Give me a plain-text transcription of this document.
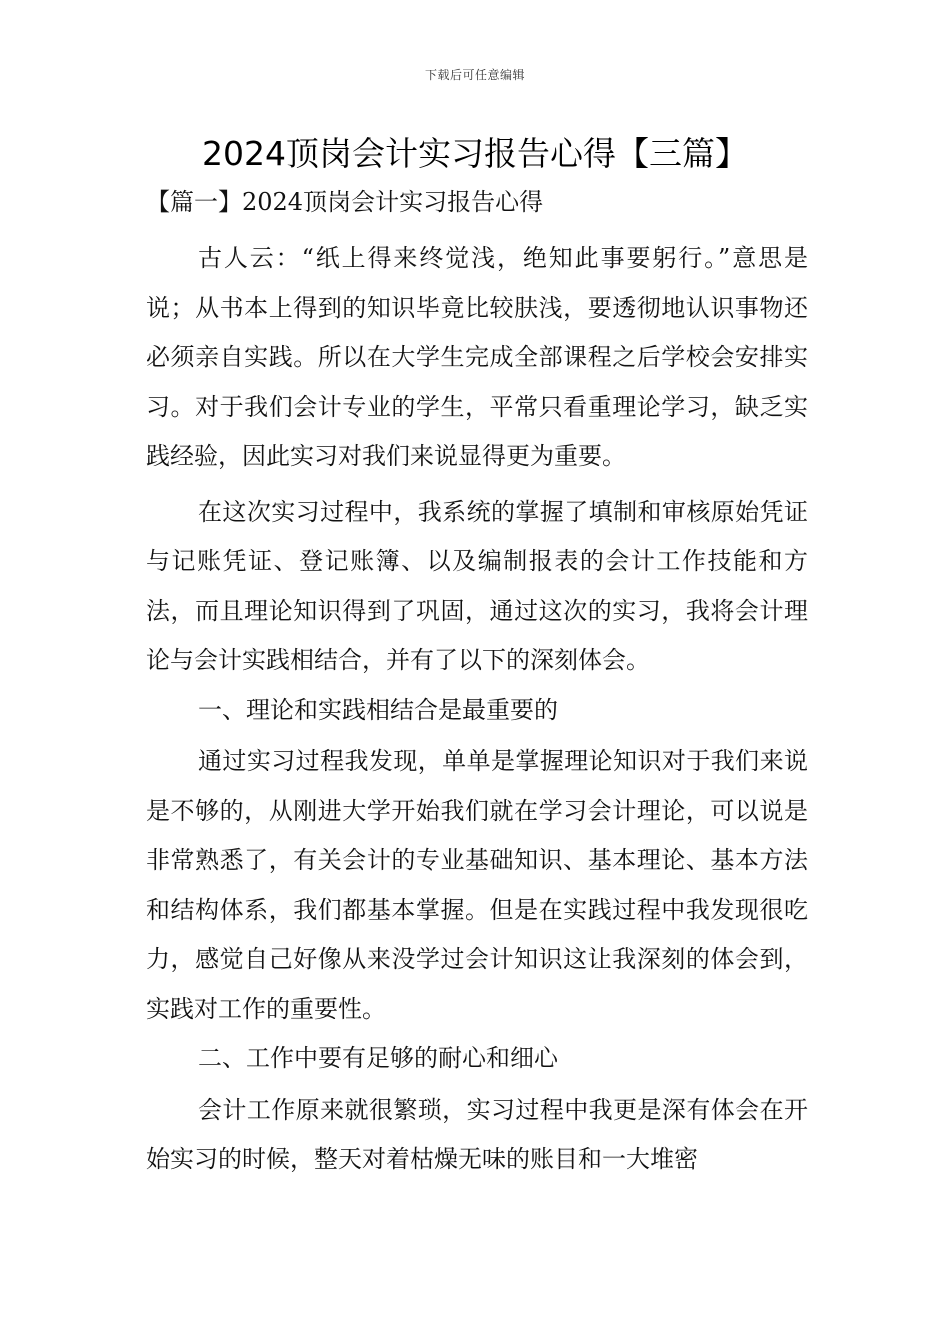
下载后可任意编辑
2024顶岗会计实习报告心得【三篇】
【篇一】2024顶岗会计实习报告心得

古人云：“纸上得来终觉浅，绝知此事要躬行。”意思是说；从书本上得到的知识毕竟比较肤浅，要透彻地认识事物还必须亲自实践。所以在大学生完成全部课程之后学校会安排实习。对于我们会计专业的学生，平常只看重理论学习，缺乏实践经验，因此实习对我们来说显得更为重要。

在这次实习过程中，我系统的掌握了填制和审核原始凭证与记账凭证、登记账簿、以及编制报表的会计工作技能和方法，而且理论知识得到了巩固，通过这次的实习，我将会计理论与会计实践相结合，并有了以下的深刻体会。

一、理论和实践相结合是最重要的

通过实习过程我发现，单单是掌握理论知识对于我们来说是不够的，从刚进大学开始我们就在学习会计理论，可以说是非常熟悉了，有关会计的专业基础知识、基本理论、基本方法和结构体系，我们都基本掌握。但是在实践过程中我发现很吃力，感觉自己好像从来没学过会计知识这让我深刻的体会到，实践对工作的重要性。

二、工作中要有足够的耐心和细心

会计工作原来就很繁琐，实习过程中我更是深有体会在开始实习的时候，整天对着枯燥无味的账目和一大堆密
